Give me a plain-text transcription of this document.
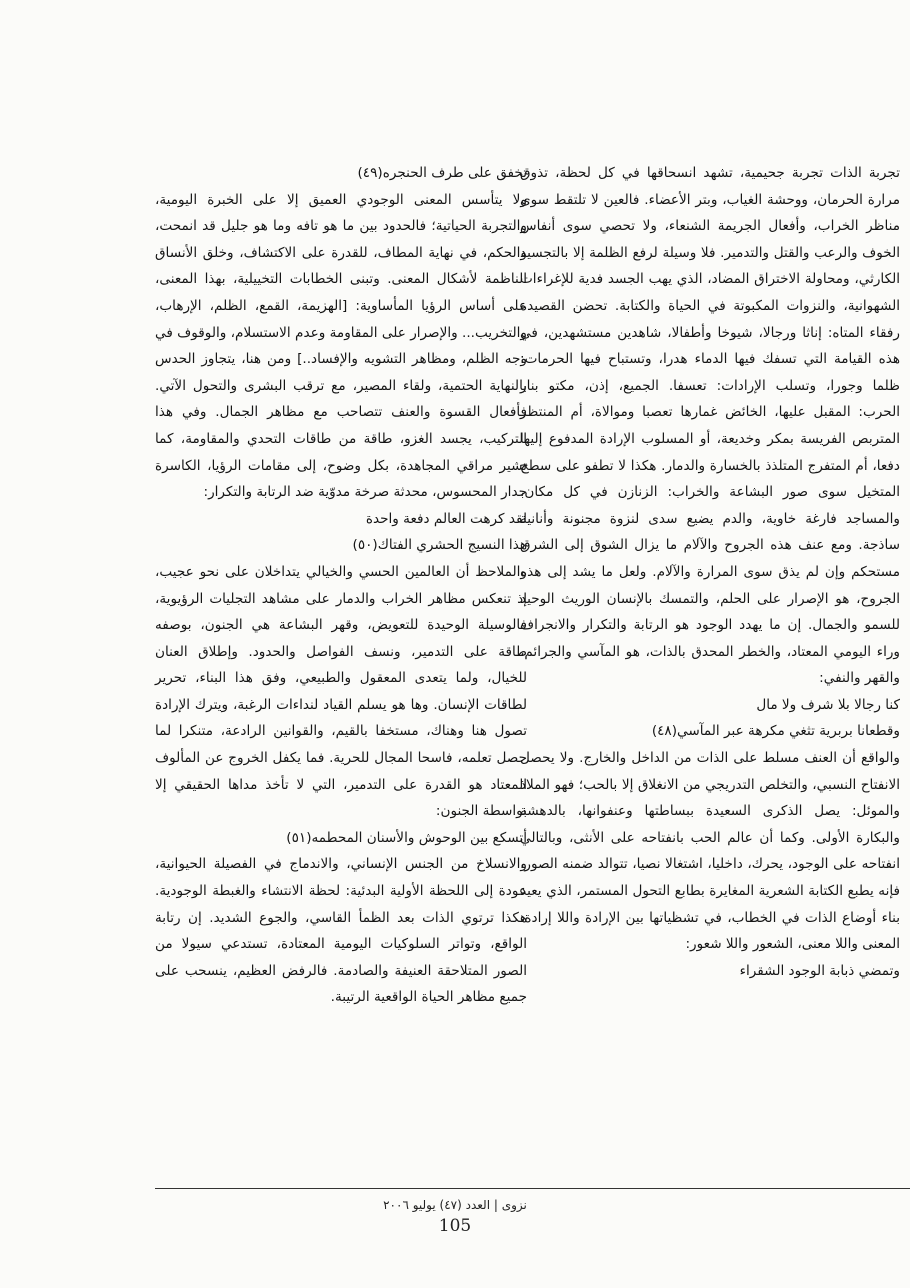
تجربة الذات تجربة جحيمية، تشهد انسحاقها في كل لحظة، تذوق مرارة الحرمان، ووحشة الغياب، وبتر الأعضاء. فالعين لا تلتقط سوى مناظر الخراب، وأفعال الجريمة الشنعاء، ولا تحصي سوى أنفاس الخوف والرعب والقتل والتدمير. فلا وسيلة لرفع الظلمة إلا بالتجسيد الكارثي، ومحاولة الاختراق المضاد، الذي يهب الجسد فدية للإغراءات الشهوانية، والنزوات المكبوتة في الحياة والكتابة. تحضن القصيدة رفقاء المتاه: إناثا ورجالا، شيوخا وأطفالا، شاهدين مستشهدين، في هذه القيامة التي تسفك فيها الدماء هدرا، وتستباح فيها الحرمات: ظلما وجورا، وتسلب الإرادات: تعسفا. الجميع، إذن، مكتو بنار الحرب: المقبل عليها، الخائض غمارها تعصبا وموالاة، أم المنتظر المتربص الفريسة بمكر وخديعة، أو المسلوب الإرادة المدفوع إليها دفعا، أم المتفرج المتلذذ بالخسارة والدمار. هكذا لا تطفو على سطح المتخيل سوى صور البشاعة والخراب: الزنازن في كل مكان، والمساجد فارغة خاوية، والدم يضيع سدى لنزوة مجنونة وأنانية ساذجة. ومع عنف هذه الجروح والآلام ما يزال الشوق إلى الشرق مستحكم وإن لم يذق سوى المرارة والآلام. ولعل ما يشد إلى هذه الجروح، هو الإصرار على الحلم، والتمسك بالإنسان الوريث الوحيد للسمو والجمال. إن ما يهدد الوجود هو الرتابة والتكرار والانجراف وراء اليومي المعتاد، والخطر المحدق بالذات، هو المآسي والجرائم، والقهر والنفي:

كنا رجالا بلا شرف ولا مال

وقطعانا بربرية تثغي مكرهة عبر المآسي(٤٨)

والواقع أن العنف مسلط على الذات من الداخل والخارج. ولا يحصل الانفتاح النسبي، والتخلص التدريجي من الانغلاق إلا بالحب؛ فهو الملاذ والموئل: يصل الذكرى السعيدة ببساطتها وعنفوانها، بالدهشة والبكارة الأولى. وكما أن عالم الحب بانفتاحه على الأنثى، وبالتالي انفتاحه على الوجود، يحرك، داخليا، اشتغالا نصيا، تتوالد ضمنه الصور، فإنه يطبع الكتابة الشعرية المغايرة بطابع التحول المستمر، الذي يعيد بناء أوضاع الذات في الخطاب، في تشظياتها بين الإرادة واللا إرادة، المعنى واللا معنى، الشعور واللا شعور:

وتمضي ذبابة الوجود الشقراء

تخفق على طرف الحنجره(٤٩)

ولا يتأسس المعنى الوجودي العميق إلا على الخبرة اليومية، والتجربة الحياتية؛ فالحدود بين ما هو تافه وما هو جليل قد انمحت، والحكم، في نهاية المطاف، للقدرة على الاكتشاف، وخلق الأنساق الناظمة لأشكال المعنى. وتبنى الخطابات التخييلية، بهذا المعنى، على أساس الرؤيا المأساوية: [الهزيمة، القمع، الظلم، الإرهاب، والتخريب... والإصرار على المقاومة وعدم الاستسلام، والوقوف في وجه الظلم، ومظاهر التشويه والإفساد..] ومن هنا، يتجاوز الحدس بالنهاية الحتمية، ولقاء المصير، مع ترقب البشرى والتحول الآتي. فأفعال القسوة والعنف تتصاحب مع مظاهر الجمال. وفي هذا التركيب، يجسد الغزو، طاقة من طاقات التحدي والمقاومة، كما تشير مراقي المجاهدة، بكل وضوح، إلى مقامات الرؤيا، الكاسرة جدار المحسوس، محدثة صرخة مدوّية ضد الرتابة والتكرار:

لقد كرهت العالم دفعة واحدة

هذا النسيج الحشري الفتاك(٥٠)

والملاحظ أن العالمين الحسي والخيالي يتداخلان على نحو عجيب، إذ تنعكس مظاهر الخراب والدمار على مشاهد التجليات الرؤيوية، فالوسيلة الوحيدة للتعويض، وقهر البشاعة هي الجنون، بوصفه طاقة على التدمير، ونسف الفواصل والحدود. وإطلاق العنان للخيال، ولما يتعدى المعقول والطبيعي، وفق هذا البناء، تحرير لطاقات الإنسان. وها هو يسلم القياد لنداءات الرغبة، ويترك الإرادة تصول هنا وهناك، مستخفا بالقيم، والقوانين الرادعة، متنكرا لما حصل تعلمه، فاسحا المجال للحرية. فما يكفل الخروج عن المألوف المعتاد هو القدرة على التدمير، التي لا تأخذ مداها الحقيقي إلا بواسطة الجنون:

أتسكع بين الوحوش والأسنان المحطمه(٥١)

والانسلاخ من الجنس الإنساني، والاندماج في الفصيلة الحيوانية، عودة إلى اللحظة الأولية البدئية: لحظة الانتشاء والغبطة الوجودية. هكذا ترتوي الذات بعد الظمأ القاسي، والجوع الشديد. إن رتابة الواقع، وتواتر السلوكيات اليومية المعتادة، تستدعي سيولا من الصور المتلاحقة العنيفة والصادمة. فالرفض العظيم، ينسحب على جميع مظاهر الحياة الواقعية الرتيبة.

نزوى | العدد (٤٧) يوليو ٢٠٠٦
105
